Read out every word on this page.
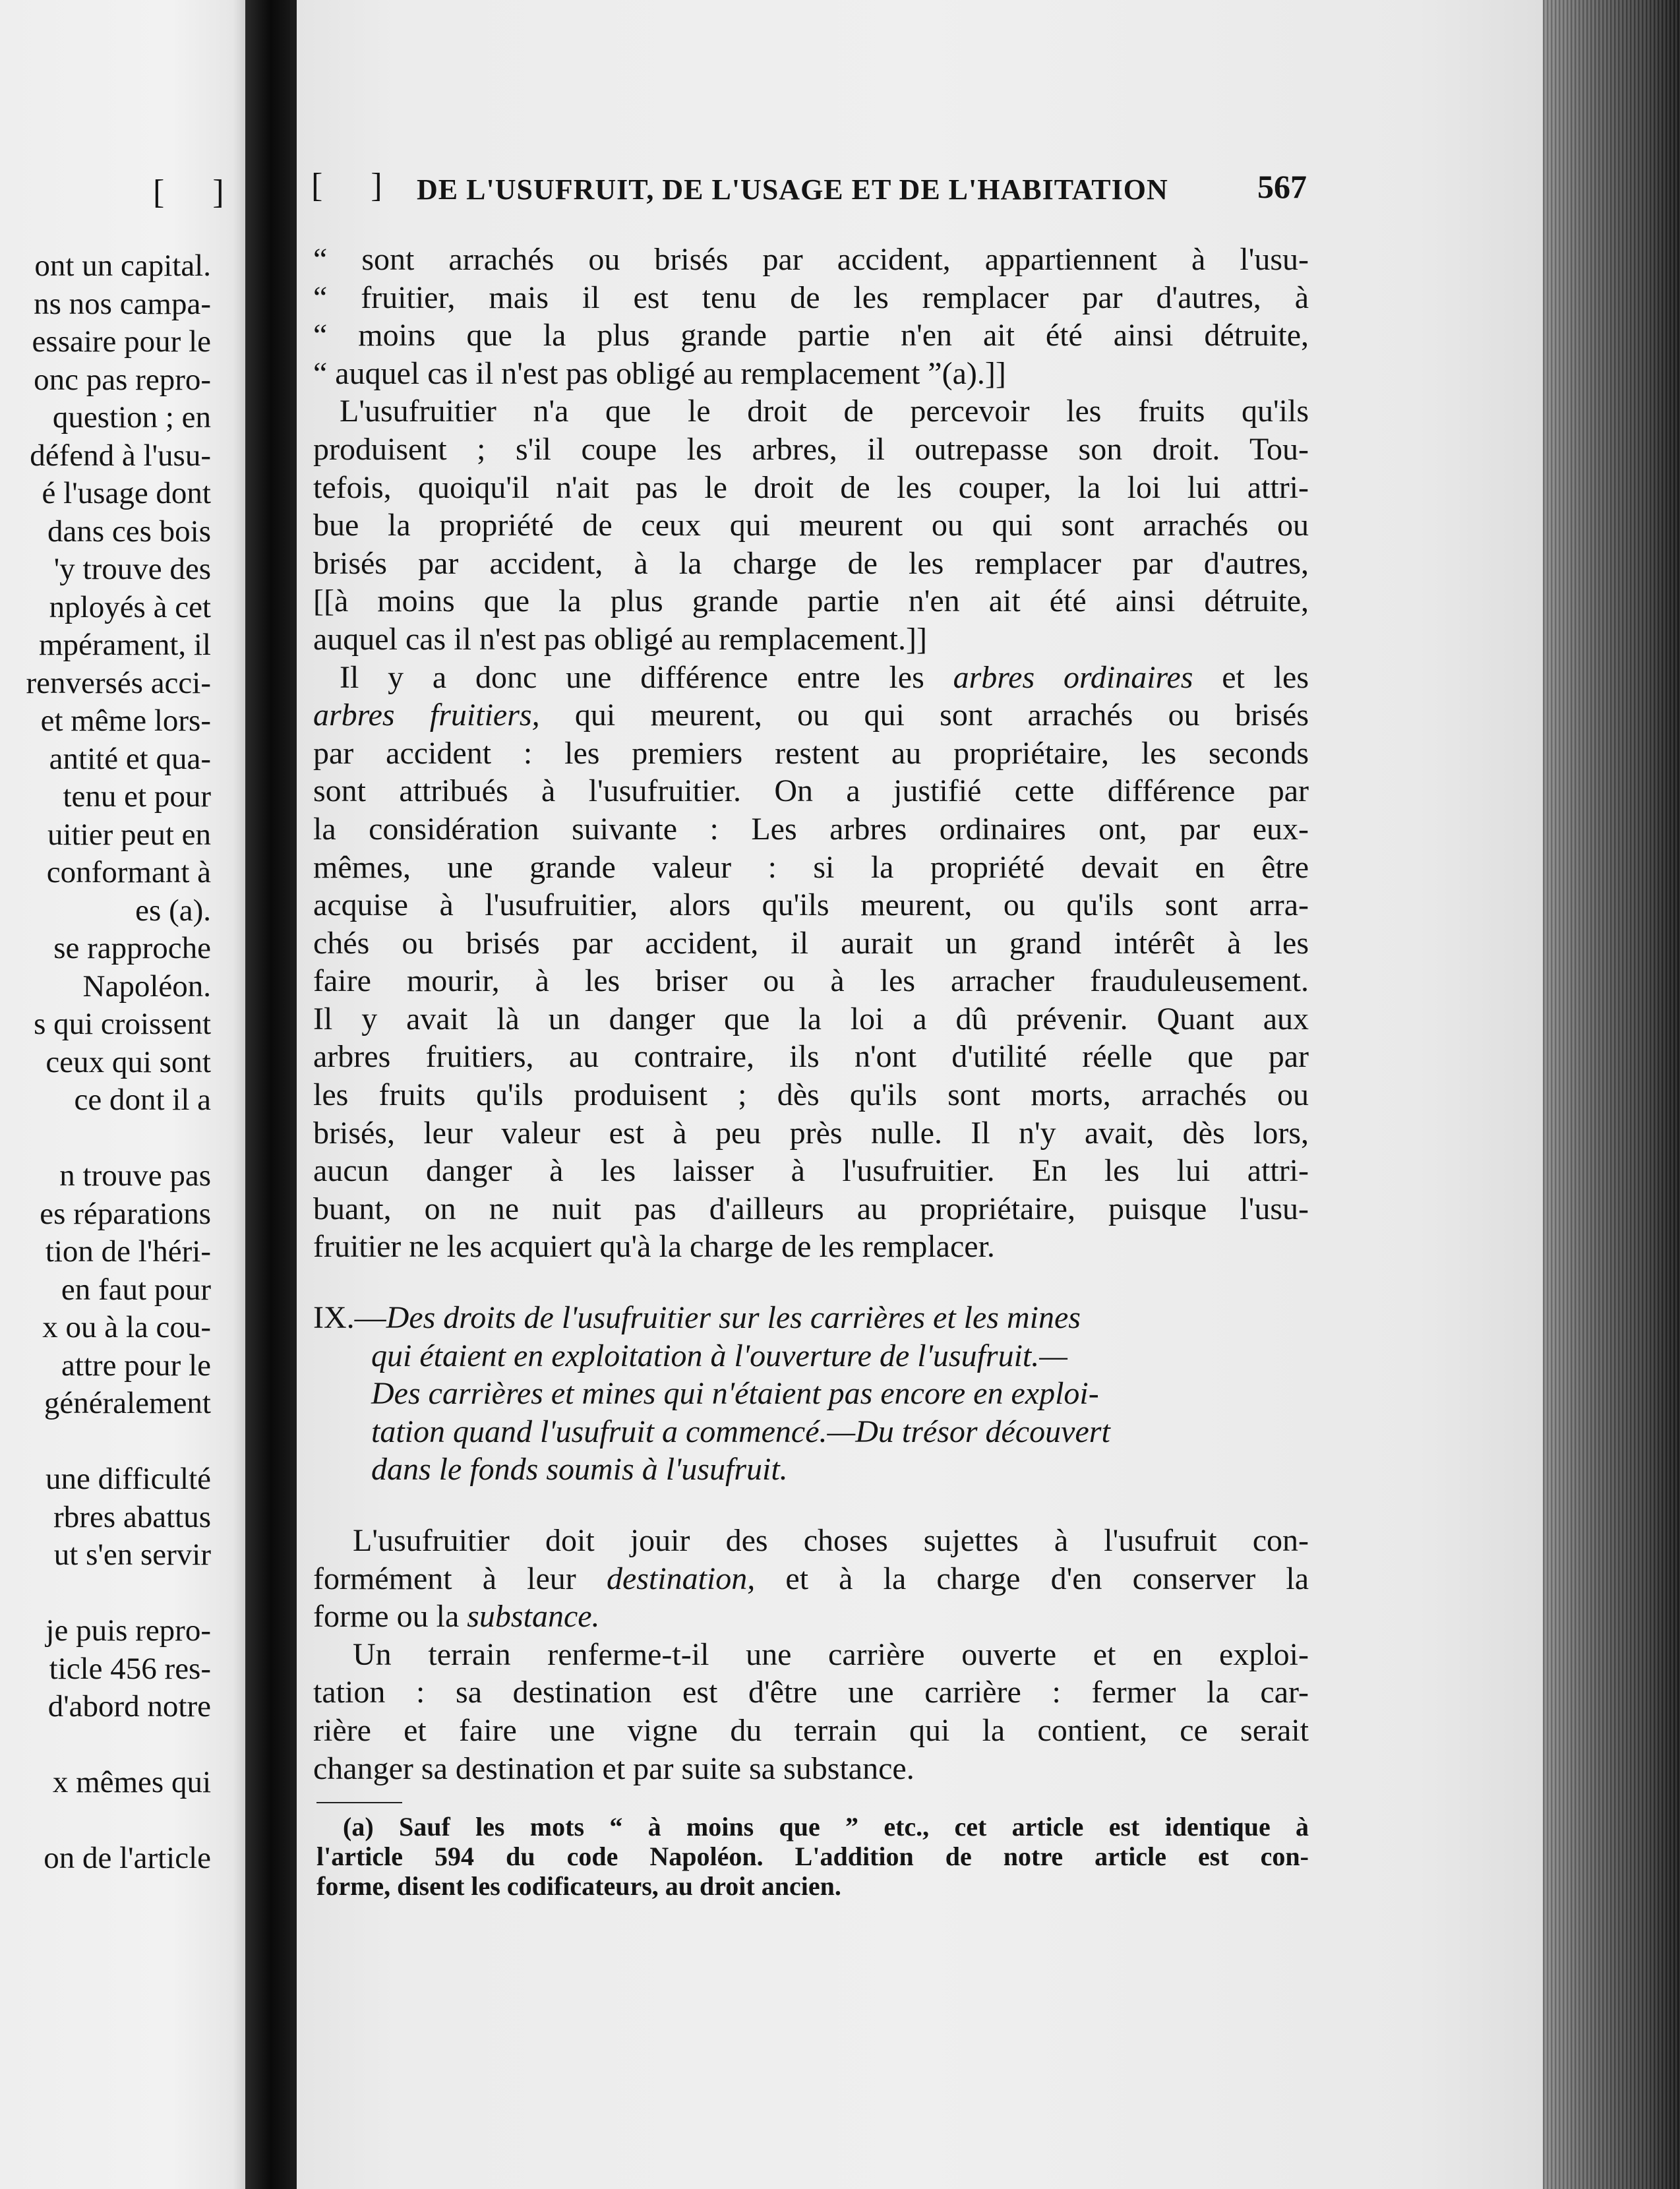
[ ]
ont un capital.
ns nos campa-
essaire pour le
onc pas repro-
question ; en
défend à l'usu-
é l'usage dont
dans ces bois
'y trouve des
nployés à cet
mpérament, il
renversés acci-
et même lors-
antité et qua-
tenu et pour
uitier peut en
conformant à
es (a).
se rapproche
Napoléon.
s qui croissent
ceux qui sont
ce dont il a
n trouve pas
es réparations
tion de l'héri-
en faut pour
x ou à la cou-
attre pour le
généralement
une difficulté
rbres abattus
ut s'en servir
je puis repro-
ticle 456 res-
d'abord notre
x mêmes qui
on de l'article
[ ] DE L'USUFRUIT, DE L'USAGE ET DE L'HABITATION	567
“ sont arrachés ou brisés par accident, appartiennent à l'usu-
“ fruitier, mais il est tenu de les remplacer par d'autres, à
“ moins que la plus grande partie n'en ait été ainsi détruite,
“ auquel cas il n'est pas obligé au remplacement ”(a).]]
L'usufruitier n'a que le droit de percevoir les fruits qu'ils
produisent ; s'il coupe les arbres, il outrepasse son droit. Tou-
tefois, quoiqu'il n'ait pas le droit de les couper, la loi lui attri-
bue la propriété de ceux qui meurent ou qui sont arrachés ou
brisés par accident, à la charge de les remplacer par d'autres,
[[à moins que la plus grande partie n'en ait été ainsi détruite,
auquel cas il n'est pas obligé au remplacement.]]
Il y a donc une différence entre les arbres ordinaires et les
arbres fruitiers, qui meurent, ou qui sont arrachés ou brisés
par accident : les premiers restent au propriétaire, les seconds
sont attribués à l'usufruitier. On a justifié cette différence par
la considération suivante : Les arbres ordinaires ont, par eux-
mêmes, une grande valeur : si la propriété devait en être
acquise à l'usufruitier, alors qu'ils meurent, ou qu'ils sont arra-
chés ou brisés par accident, il aurait un grand intérêt à les
faire mourir, à les briser ou à les arracher frauduleusement.
Il y avait là un danger que la loi a dû prévenir. Quant aux
arbres fruitiers, au contraire, ils n'ont d'utilité réelle que par
les fruits qu'ils produisent ; dès qu'ils sont morts, arrachés ou
brisés, leur valeur est à peu près nulle. Il n'y avait, dès lors,
aucun danger à les laisser à l'usufruitier. En les lui attri-
buant, on ne nuit pas d'ailleurs au propriétaire, puisque l'usu-
fruitier ne les acquiert qu'à la charge de les remplacer.
IX.—Des droits de l'usufruitier sur les carrières et les mines
qui étaient en exploitation à l'ouverture de l'usufruit.—
Des carrières et mines qui n'étaient pas encore en exploi-
tation quand l'usufruit a commencé.—Du trésor découvert
dans le fonds soumis à l'usufruit.
L'usufruitier doit jouir des choses sujettes à l'usufruit con-
formément à leur destination, et à la charge d'en conserver la
forme ou la substance.
Un terrain renferme-t-il une carrière ouverte et en exploi-
tation : sa destination est d'être une carrière : fermer la car-
rière et faire une vigne du terrain qui la contient, ce serait
changer sa destination et par suite sa substance.
(a) Sauf les mots “ à moins que ” etc., cet article est identique à
l'article 594 du code Napoléon. L'addition de notre article est con-
forme, disent les codificateurs, au droit ancien.
